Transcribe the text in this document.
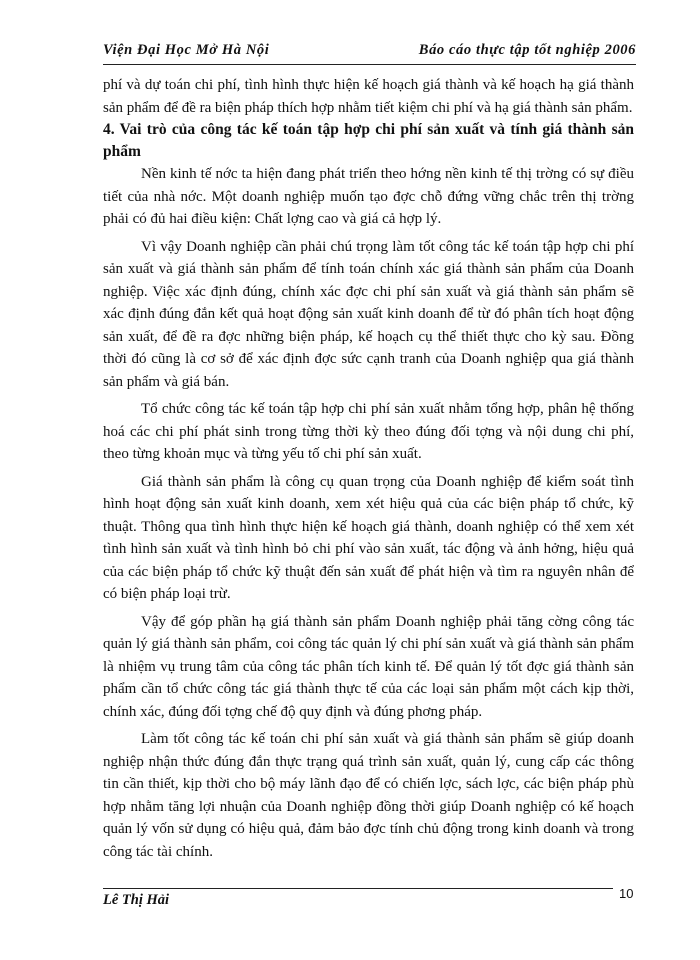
Viện Đại Học Mở Hà Nội	Báo cáo thực tập tốt nghiệp 2006

phí và dự toán chi phí, tình hình thực hiện kế hoạch giá thành và kế hoạch hạ giá thành sản phẩm để đề ra biện pháp thích hợp nhằm tiết kiệm chi phí và hạ giá thành sản phẩm.

4. Vai trò của công tác kế toán tập hợp chi phí sản xuất và tính giá thành sản phẩm

Nền kinh tế nớc ta hiện đang phát triển theo hớng nền kinh tế thị trờng có sự điều tiết của nhà nớc. Một doanh nghiệp muốn tạo đợc chỗ đứng vững chắc trên thị trờng phải có đủ hai điều kiện: Chất lợng cao và giá cả hợp lý.

Vì vậy Doanh nghiệp cần phải chú trọng làm tốt công tác kế toán tập hợp chi phí sản xuất và giá thành sản phẩm để tính toán chính xác giá thành sản phẩm của Doanh nghiệp. Việc xác định đúng, chính xác đợc chi phí sản xuất và giá thành sản phẩm sẽ xác định đúng đắn kết quả hoạt động sản xuất kinh doanh để từ đó phân tích hoạt động sản xuất, để đề ra đợc những biện pháp, kế hoạch cụ thể thiết thực cho kỳ sau. Đồng thời đó cũng là cơ sở để xác định đợc sức cạnh tranh của Doanh nghiệp qua giá thành sản phẩm và giá bán.

Tổ chức công tác kế toán tập hợp chi phí sản xuất nhằm tổng hợp, phân hệ thống hoá các chi phí phát sinh trong từng thời kỳ theo đúng đối tợng và nội dung chi phí, theo từng khoản mục và từng yếu tố chi phí sản xuất.

Giá thành sản phẩm là công cụ quan trọng của Doanh nghiệp để kiểm soát tình hình hoạt động sản xuất kinh doanh, xem xét hiệu quả của các biện pháp tổ chức, kỹ thuật. Thông qua tình hình thực hiện kế hoạch giá thành, doanh nghiệp có thể xem xét tình hình sản xuất và tình hình bỏ chi phí vào sản xuất, tác động và ảnh hởng, hiệu quả của các biện pháp tổ chức kỹ thuật đến sản xuất để phát hiện và tìm ra nguyên nhân để có biện pháp loại trừ.

Vậy để góp phần hạ giá thành sản phẩm Doanh nghiệp phải tăng cờng công tác quản lý giá thành sản phẩm, coi công tác quản lý chi phí sản xuất và giá thành sản phẩm là nhiệm vụ trung tâm của công tác phân tích kinh tế. Để quản lý tốt đợc giá thành sản phẩm cần tổ chức công tác giá thành thực tế của các loại sản phẩm một cách kịp thời, chính xác, đúng đối tợng chế độ quy định và đúng phơng pháp.

Làm tốt công tác kế toán chi phí sản xuất và giá thành sản phẩm sẽ giúp doanh nghiệp nhận thức đúng đắn thực trạng quá trình sản xuất, quản lý, cung cấp các thông tin cần thiết, kịp thời cho bộ máy lãnh đạo để có chiến lợc, sách lợc, các biện pháp phù hợp nhằm tăng lợi nhuận của Doanh nghiệp đồng thời giúp Doanh nghiệp có kế hoạch quản lý vốn sử dụng có hiệu quả, đảm bảo đợc tính chủ động trong kinh doanh và trong công tác tài chính.

Lê Thị Hải	10
